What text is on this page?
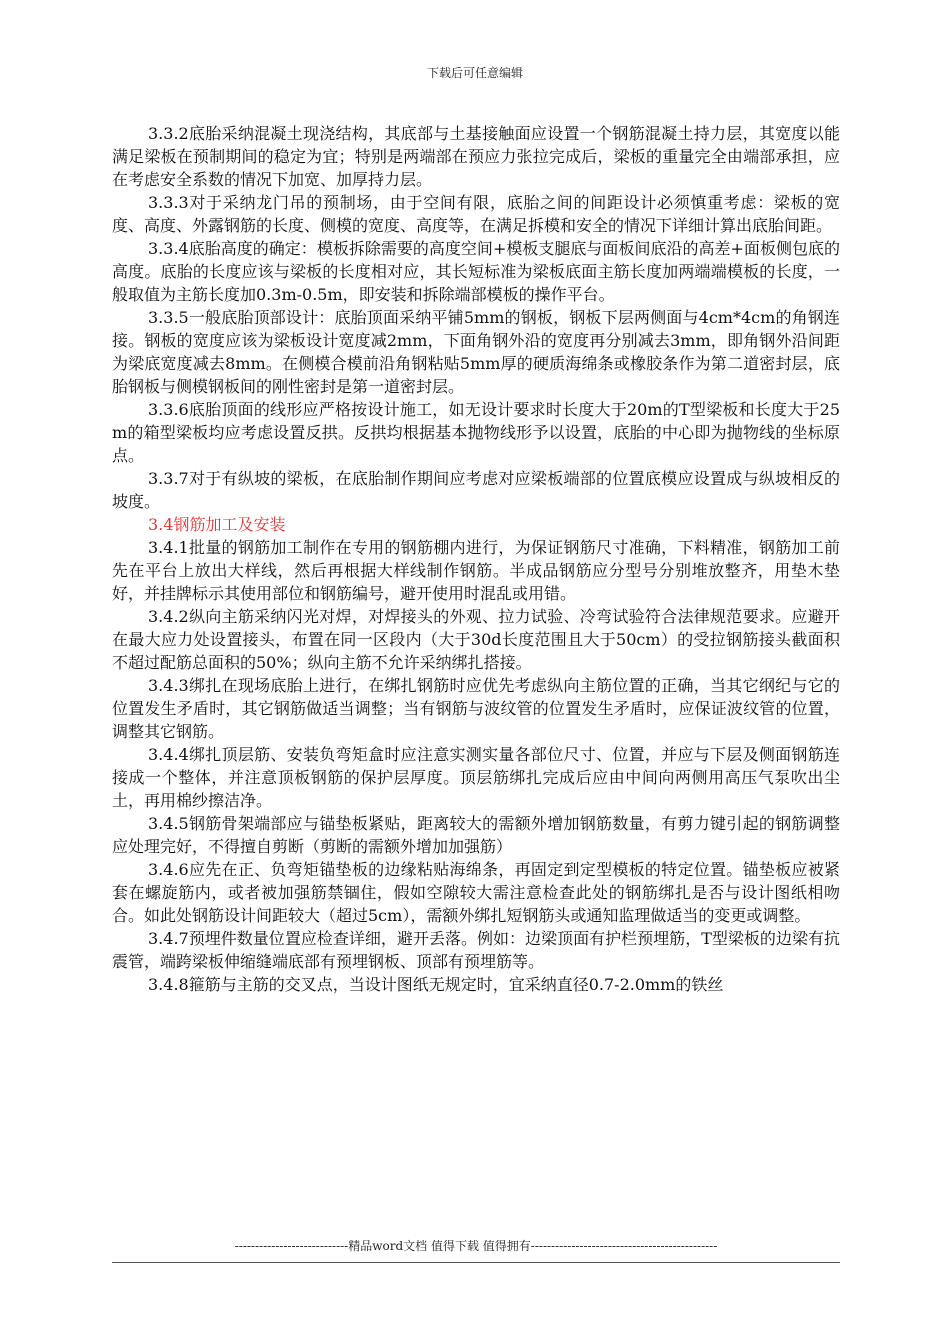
下载后可任意编辑

3.3.2底胎采纳混凝土现浇结构，其底部与土基接触面应设置一个钢筋混凝土持力层，其宽度以能满足梁板在预制期间的稳定为宜；特别是两端部在预应力张拉完成后，梁板的重量完全由端部承担，应在考虑安全系数的情况下加宽、加厚持力层。

3.3.3对于采纳龙门吊的预制场，由于空间有限，底胎之间的间距设计必须慎重考虑：梁板的宽度、高度、外露钢筋的长度、侧模的宽度、高度等，在满足拆模和安全的情况下详细计算出底胎间距。

3.3.4底胎高度的确定：模板拆除需要的高度空间+模板支腿底与面板间底沿的高差+面板侧包底的高度。底胎的长度应该与梁板的长度相对应，其长短标准为梁板底面主筋长度加两端端模板的长度，一般取值为主筋长度加0.3m-0.5m，即安装和拆除端部模板的操作平台。

3.3.5一般底胎顶部设计：底胎顶面采纳平铺5mm的钢板，钢板下层两侧面与4cm*4cm的角钢连接。钢板的宽度应该为梁板设计宽度减2mm，下面角钢外沿的宽度再分别减去3mm，即角钢外沿间距为梁底宽度减去8mm。在侧模合模前沿角钢粘贴5mm厚的硬质海绵条或橡胶条作为第二道密封层，底胎钢板与侧模钢板间的刚性密封是第一道密封层。

3.3.6底胎顶面的线形应严格按设计施工，如无设计要求时长度大于20m的T型梁板和长度大于25m的箱型梁板均应考虑设置反拱。反拱均根据基本抛物线形予以设置，底胎的中心即为抛物线的坐标原点。

3.3.7对于有纵坡的梁板，在底胎制作期间应考虑对应梁板端部的位置底模应设置成与纵坡相反的坡度。

3.4钢筋加工及安装

3.4.1批量的钢筋加工制作在专用的钢筋棚内进行，为保证钢筋尺寸准确，下料精准，钢筋加工前先在平台上放出大样线，然后再根据大样线制作钢筋。半成品钢筋应分型号分别堆放整齐，用垫木垫好，并挂牌标示其使用部位和钢筋编号，避开使用时混乱或用错。

3.4.2纵向主筋采纳闪光对焊，对焊接头的外观、拉力试验、冷弯试验符合法律规范要求。应避开在最大应力处设置接头，布置在同一区段内（大于30d长度范围且大于50cm）的受拉钢筋接头截面积不超过配筋总面积的50%；纵向主筋不允许采纳绑扎搭接。

3.4.3绑扎在现场底胎上进行，在绑扎钢筋时应优先考虑纵向主筋位置的正确，当其它纲纪与它的位置发生矛盾时，其它钢筋做适当调整；当有钢筋与波纹管的位置发生矛盾时，应保证波纹管的位置，调整其它钢筋。

3.4.4绑扎顶层筋、安装负弯矩盒时应注意实测实量各部位尺寸、位置，并应与下层及侧面钢筋连接成一个整体，并注意顶板钢筋的保护层厚度。顶层筋绑扎完成后应由中间向两侧用高压气泵吹出尘土，再用棉纱擦洁净。

3.4.5钢筋骨架端部应与锚垫板紧贴，距离较大的需额外增加钢筋数量，有剪力键引起的钢筋调整应处理完好，不得擅自剪断（剪断的需额外增加加强筋）

3.4.6应先在正、负弯矩锚垫板的边缘粘贴海绵条，再固定到定型模板的特定位置。锚垫板应被紧套在螺旋筋内，或者被加强筋禁锢住，假如空隙较大需注意检查此处的钢筋绑扎是否与设计图纸相吻合。如此处钢筋设计间距较大（超过5cm），需额外绑扎短钢筋头或通知监理做适当的变更或调整。

3.4.7预埋件数量位置应检查详细，避开丢落。例如：边梁顶面有护栏预埋筋，T型梁板的边梁有抗震管，端跨梁板伸缩缝端底部有预埋钢板、顶部有预埋筋等。

3.4.8箍筋与主筋的交叉点，当设计图纸无规定时，宜采纳直径0.7-2.0mm的铁丝

----------------------------精品word文档 值得下载 值得拥有----------------------------------------------
